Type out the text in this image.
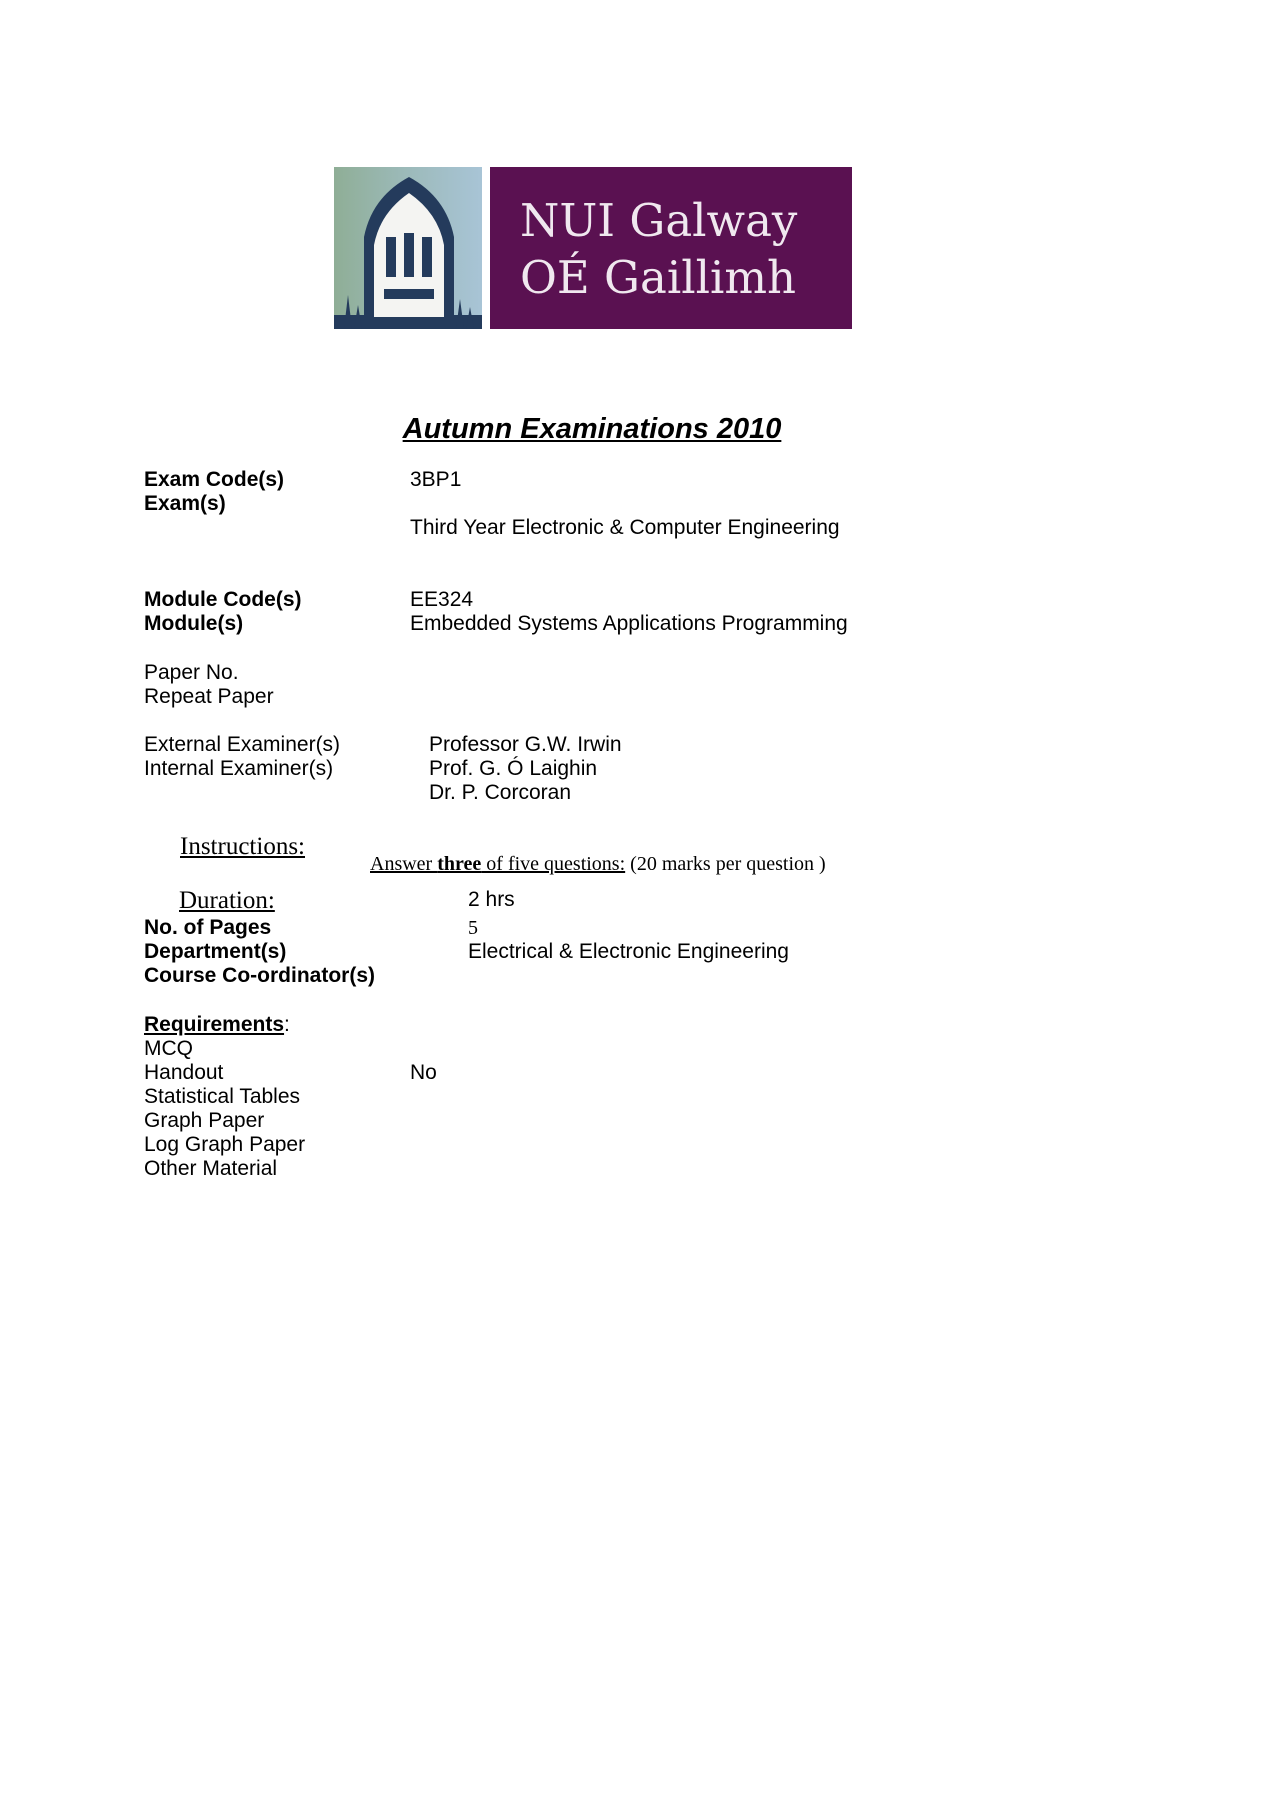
NUI Galway
OÉ Gaillimh
Autumn Examinations 2010
Exam Code(s)	3BP1
Exam(s)
Third Year Electronic & Computer Engineering
Module Code(s)	EE324
Module(s)	Embedded Systems Applications Programming
Paper No.
Repeat Paper
External Examiner(s)	Professor G.W. Irwin
Internal Examiner(s)	Prof. G. Ó Laighin
Dr. P. Corcoran
Instructions:
Answer three of five questions: (20 marks per question )
Duration:	2 hrs
No. of Pages	5
Department(s)	Electrical & Electronic Engineering
Course Co-ordinator(s)
Requirements:
MCQ
Handout	No
Statistical Tables
Graph Paper
Log Graph Paper
Other Material
